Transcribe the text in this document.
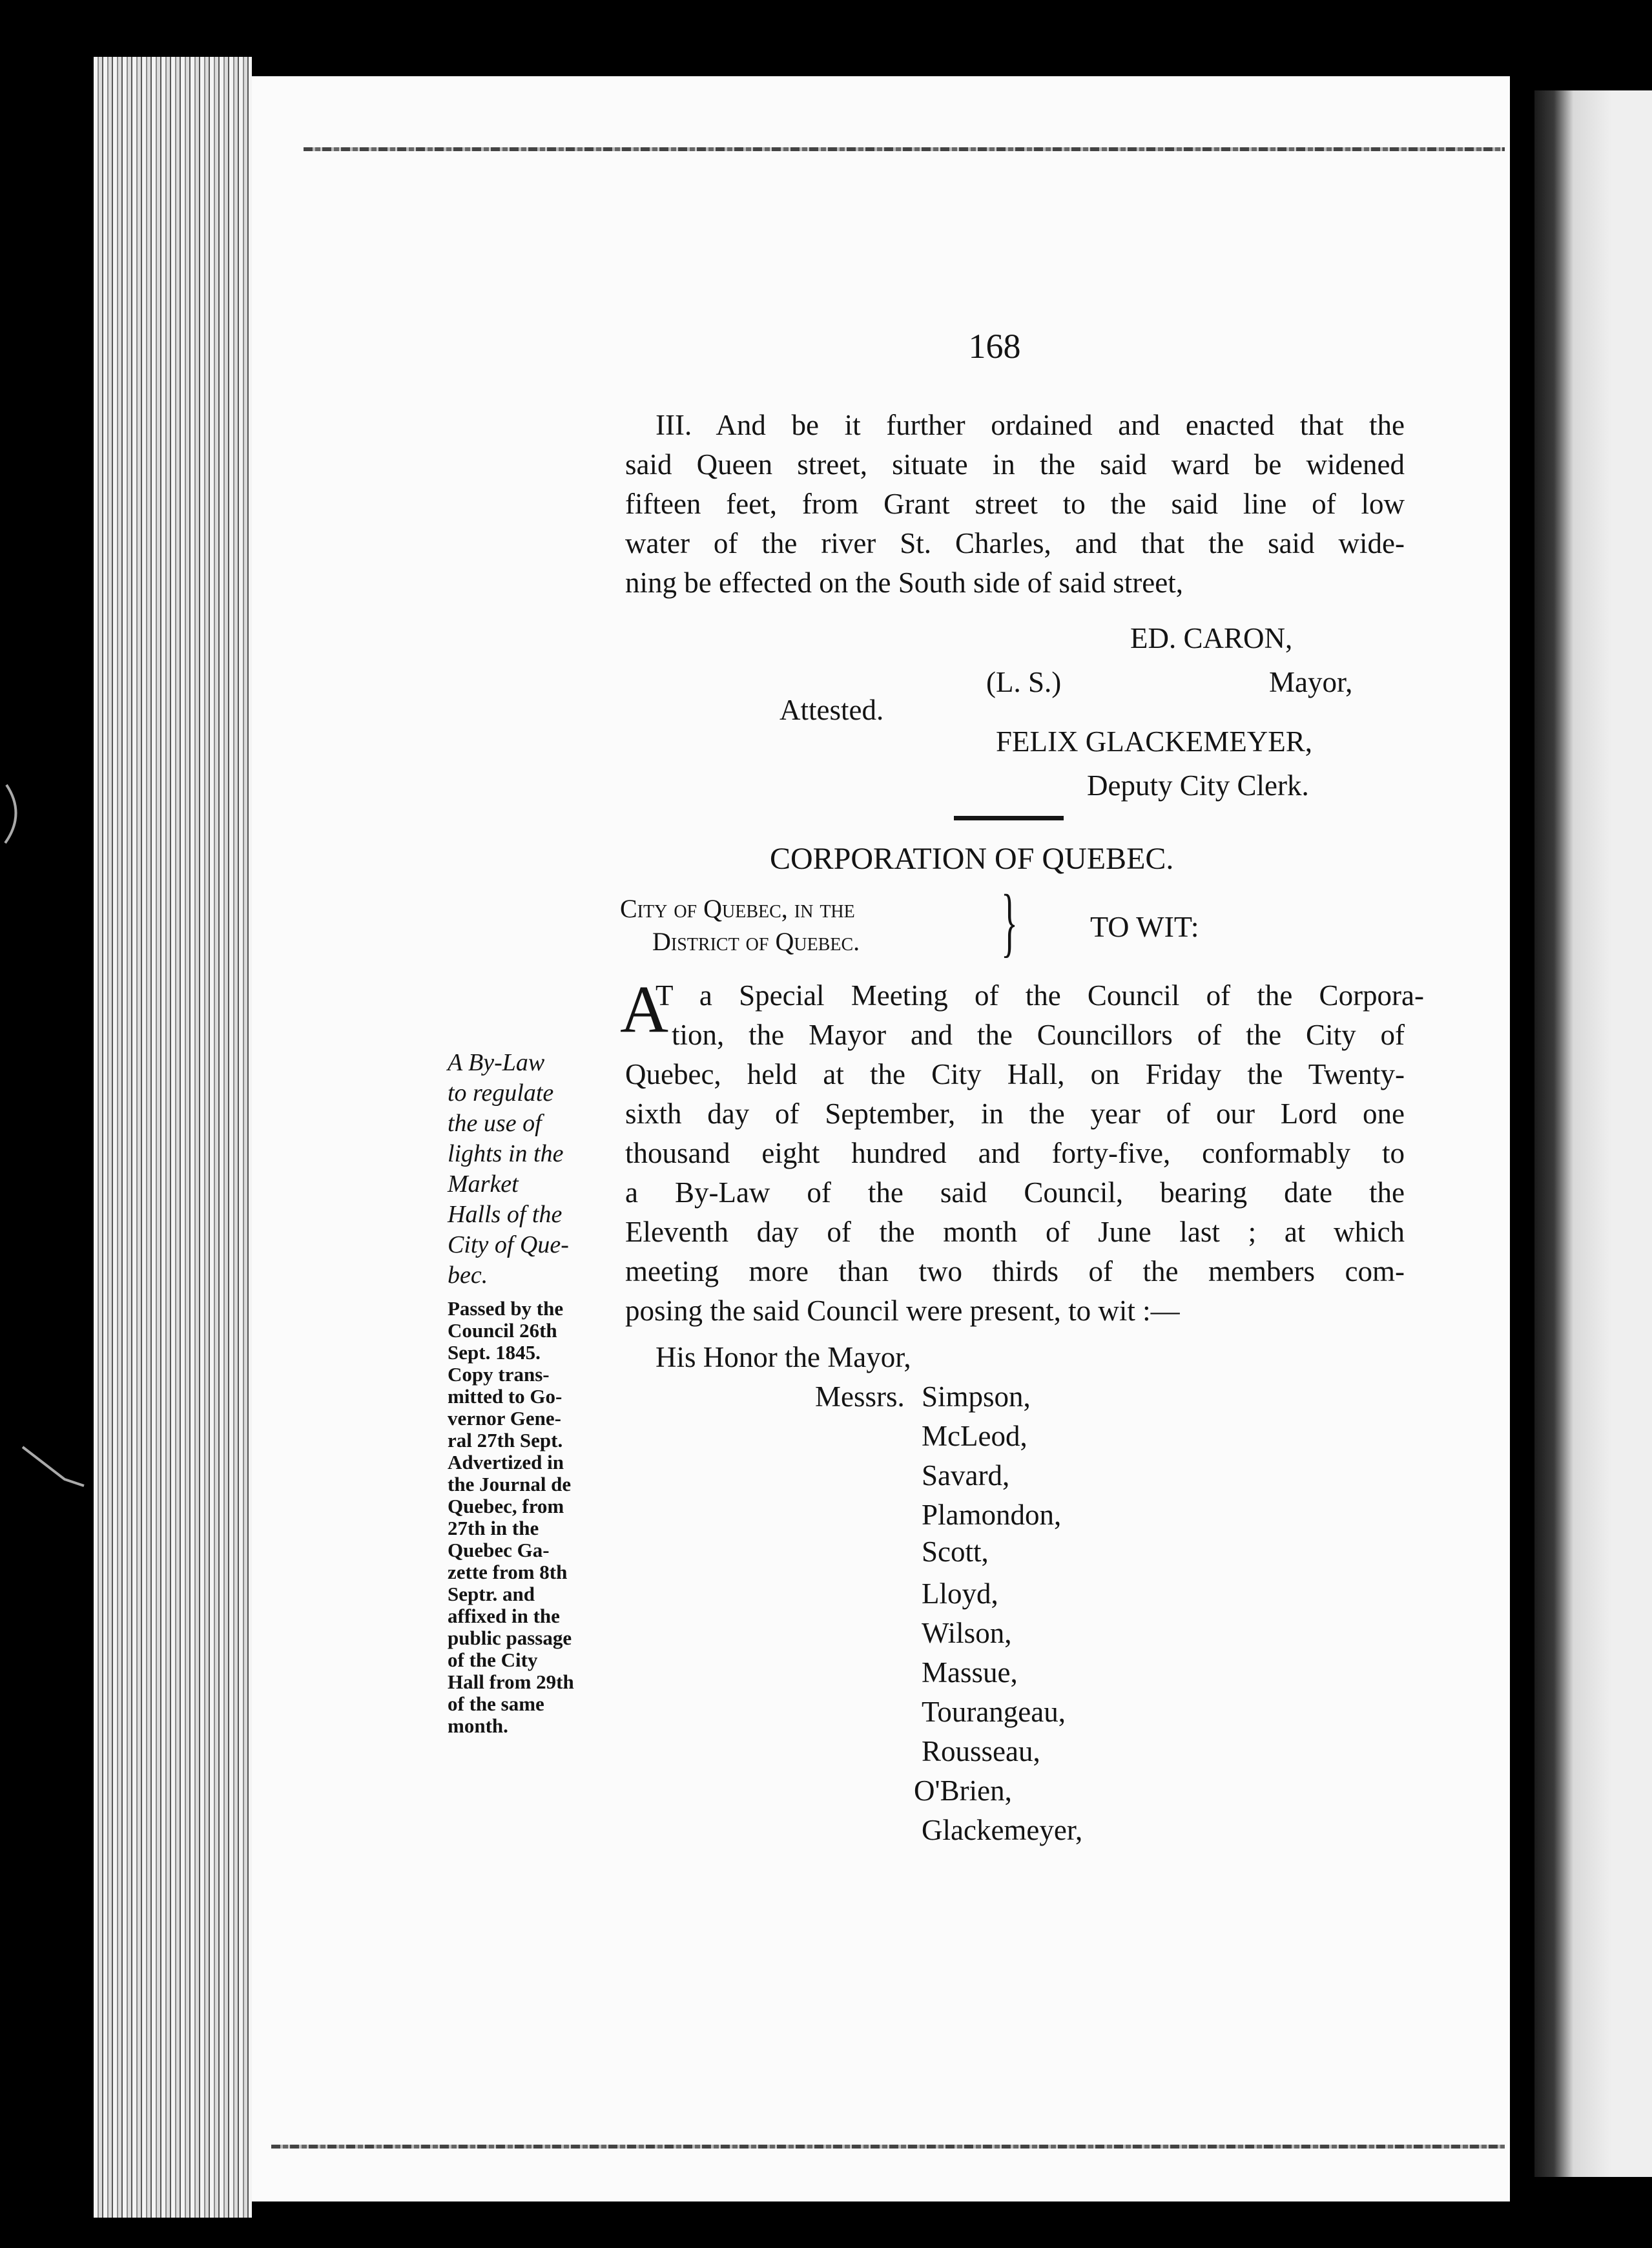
168
III. And be it further ordained and enacted that the
said Queen street, situate in the said ward be widened
fifteen feet, from Grant street to the said line of low
water of the river St. Charles, and that the said wide-
ning be effected on the South side of said street,
ED. CARON,
(L. S.)	Mayor,
Attested.
FELIX GLACKEMEYER,
Deputy City Clerk.
CORPORATION OF QUEBEC.
City of Quebec, in the
District of Quebec. } TO WIT:
A
T a Special Meeting of the Council of the Corpora-
tion, the Mayor and the Councillors of the City of
Quebec, held at the City Hall, on Friday the Twenty-
sixth day of September, in the year of our Lord one
thousand eight hundred and forty-five, conformably to
a By-Law of the said Council, bearing date the
Eleventh day of the month of June last ; at which
meeting more than two thirds of the members com-
posing the said Council were present, to wit :—
His Honor the Mayor,
Messrs. Simpson,
McLeod,
Savard,
Plamondon,
Scott,
Lloyd,
Wilson,
Massue,
Tourangeau,
Rousseau,
O'Brien,
Glackemeyer,
A By-Law
to regulate
the use of
lights in the
Market
Halls of the
City of Que-
bec.
Passed by the
Council 26th
Sept. 1845.
Copy trans-
mitted to Go-
vernor Gene-
ral 27th Sept.
Advertized in
the Journal de
Quebec, from
27th in the
Quebec Ga-
zette from 8th
Septr. and
affixed in the
public passage
of the City
Hall from 29th
of the same
month.
